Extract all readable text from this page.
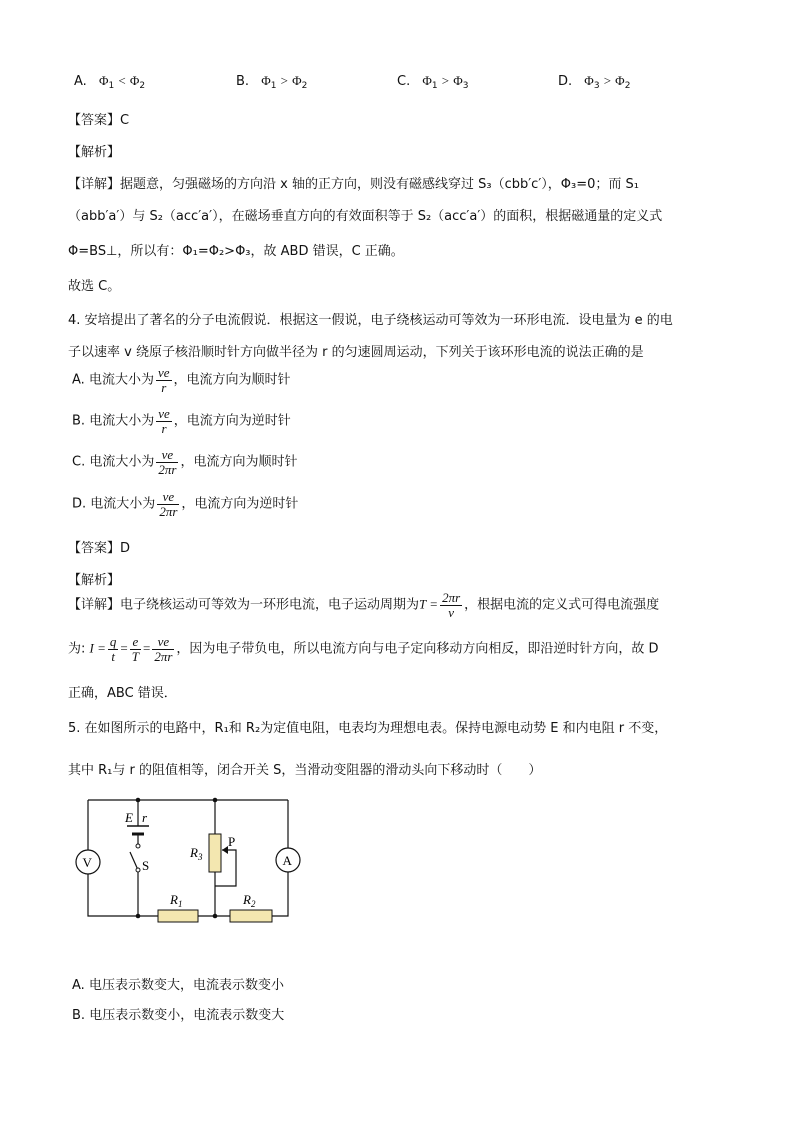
A. $\Phi_1 < \Phi_2$	B. $\Phi_1 > \Phi_2$	C. $\Phi_1 > \Phi_3$	D. $\Phi_3 > \Phi_2$
【答案】C
【解析】
【详解】据题意，匀强磁场的方向沿 x 轴的正方向，则没有磁感线穿过 S₃（cbb′c′），Φ₃=0；而 S₁
（abb′a′）与 S₂（acc′a′），在磁场垂直方向的有效面积等于 S₂（acc′a′）的面积，根据磁通量的定义式
Φ=BS⊥，所以有：Φ₁=Φ₂>Φ₃，故 ABD 错误，C 正确。
故选 C。
4. 安培提出了著名的分子电流假说．根据这一假说，电子绕核运动可等效为一环形电流．设电量为 e 的电
子以速率 v 绕原子核沿顺时针方向做半径为 r 的匀速圆周运动，下列关于该环形电流的说法正确的是
A. 电流大小为 $\frac{ve}{r}$ ，电流方向为顺时针
B. 电流大小为 $\frac{ve}{r}$ ，电流方向为逆时针
C. 电流大小为 $\frac{ve}{2\pi r}$ ，电流方向为顺时针
D. 电流大小为 $\frac{ve}{2\pi r}$ ，电流方向为逆时针
【答案】D
【解析】
【详解】电子绕核运动可等效为一环形电流，电子运动周期为$T = \frac{2\pi r}{v}$ ，根据电流的定义式可得电流强度
为: $I = \frac{q}{t} = \frac{e}{T} = \frac{ve}{2\pi r}$ ，因为电子带负电，所以电流方向与电子定向移动方向相反，即沿逆时针方向，故 D
正确，ABC 错误．
5. 在如图所示的电路中，R₁和 R₂为定值电阻，电表均为理想电表。保持电源电动势 E 和内电阻 r 不变，
其中 R₁与 r 的阻值相等，闭合开关 S，当滑动变阻器的滑动头向下移动时（　　）
V	A
E r
S
P
$R_3$
$R_1$	$R_2$
A. 电压表示数变大，电流表示数变小
B. 电压表示数变小，电流表示数变大
